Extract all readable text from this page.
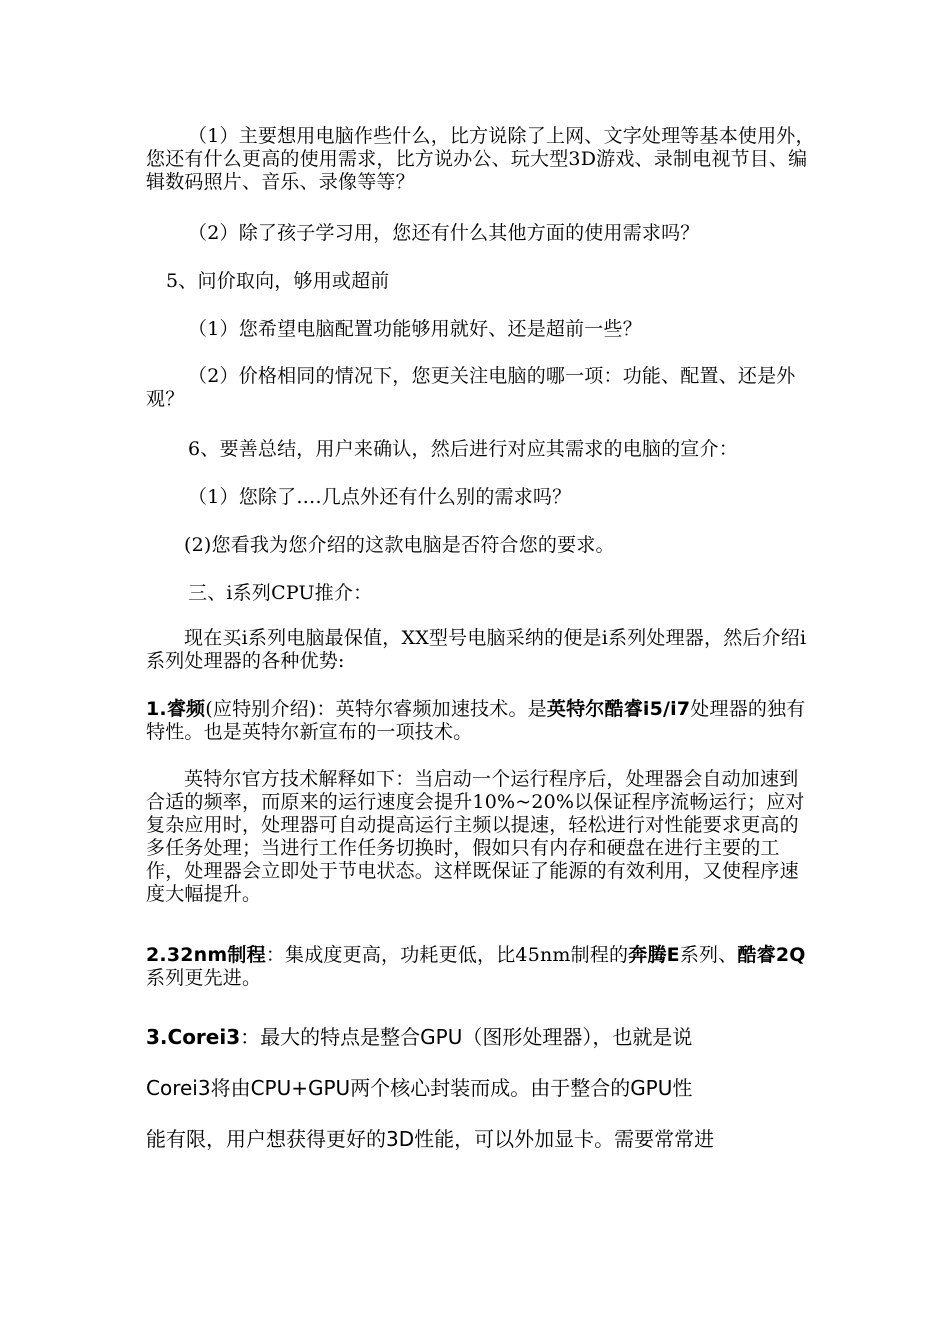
（1）主要想用电脑作些什么，比方说除了上网、文字处理等基本使用外，您还有什么更高的使用需求，比方说办公、玩大型3D游戏、录制电视节目、编辑数码照片、音乐、录像等等？

（2）除了孩子学习用，您还有什么其他方面的使用需求吗？

5、问价取向，够用或超前

（1）您希望电脑配置功能够用就好、还是超前一些？

（2）价格相同的情况下，您更关注电脑的哪一项：功能、配置、还是外观？

6、要善总结，用户来确认，然后进行对应其需求的电脑的宣介：

（1）您除了….几点外还有什么别的需求吗？

(2)您看我为您介绍的这款电脑是否符合您的要求。

三、i系列CPU推介：

现在买i系列电脑最保值，XX型号电脑采纳的便是i系列处理器，然后介绍i系列处理器的各种优势:

1.睿频(应特别介绍)：英特尔睿频加速技术。是英特尔酷睿i5/i7处理器的独有特性。也是英特尔新宣布的一项技术。

英特尔官方技术解释如下：当启动一个运行程序后，处理器会自动加速到合适的频率，而原来的运行速度会提升10%~20%以保证程序流畅运行；应对复杂应用时，处理器可自动提高运行主频以提速，轻松进行对性能要求更高的多任务处理；当进行工作任务切换时，假如只有内存和硬盘在进行主要的工作，处理器会立即处于节电状态。这样既保证了能源的有效利用，又使程序速度大幅提升。

2.32nm制程：集成度更高，功耗更低，比45nm制程的奔腾E系列、酷睿2Q系列更先进。

3.Corei3：最大的特点是整合GPU（图形处理器），也就是说
Corei3将由CPU+GPU两个核心封装而成。由于整合的GPU性
能有限，用户想获得更好的3D性能，可以外加显卡。需要常常进
